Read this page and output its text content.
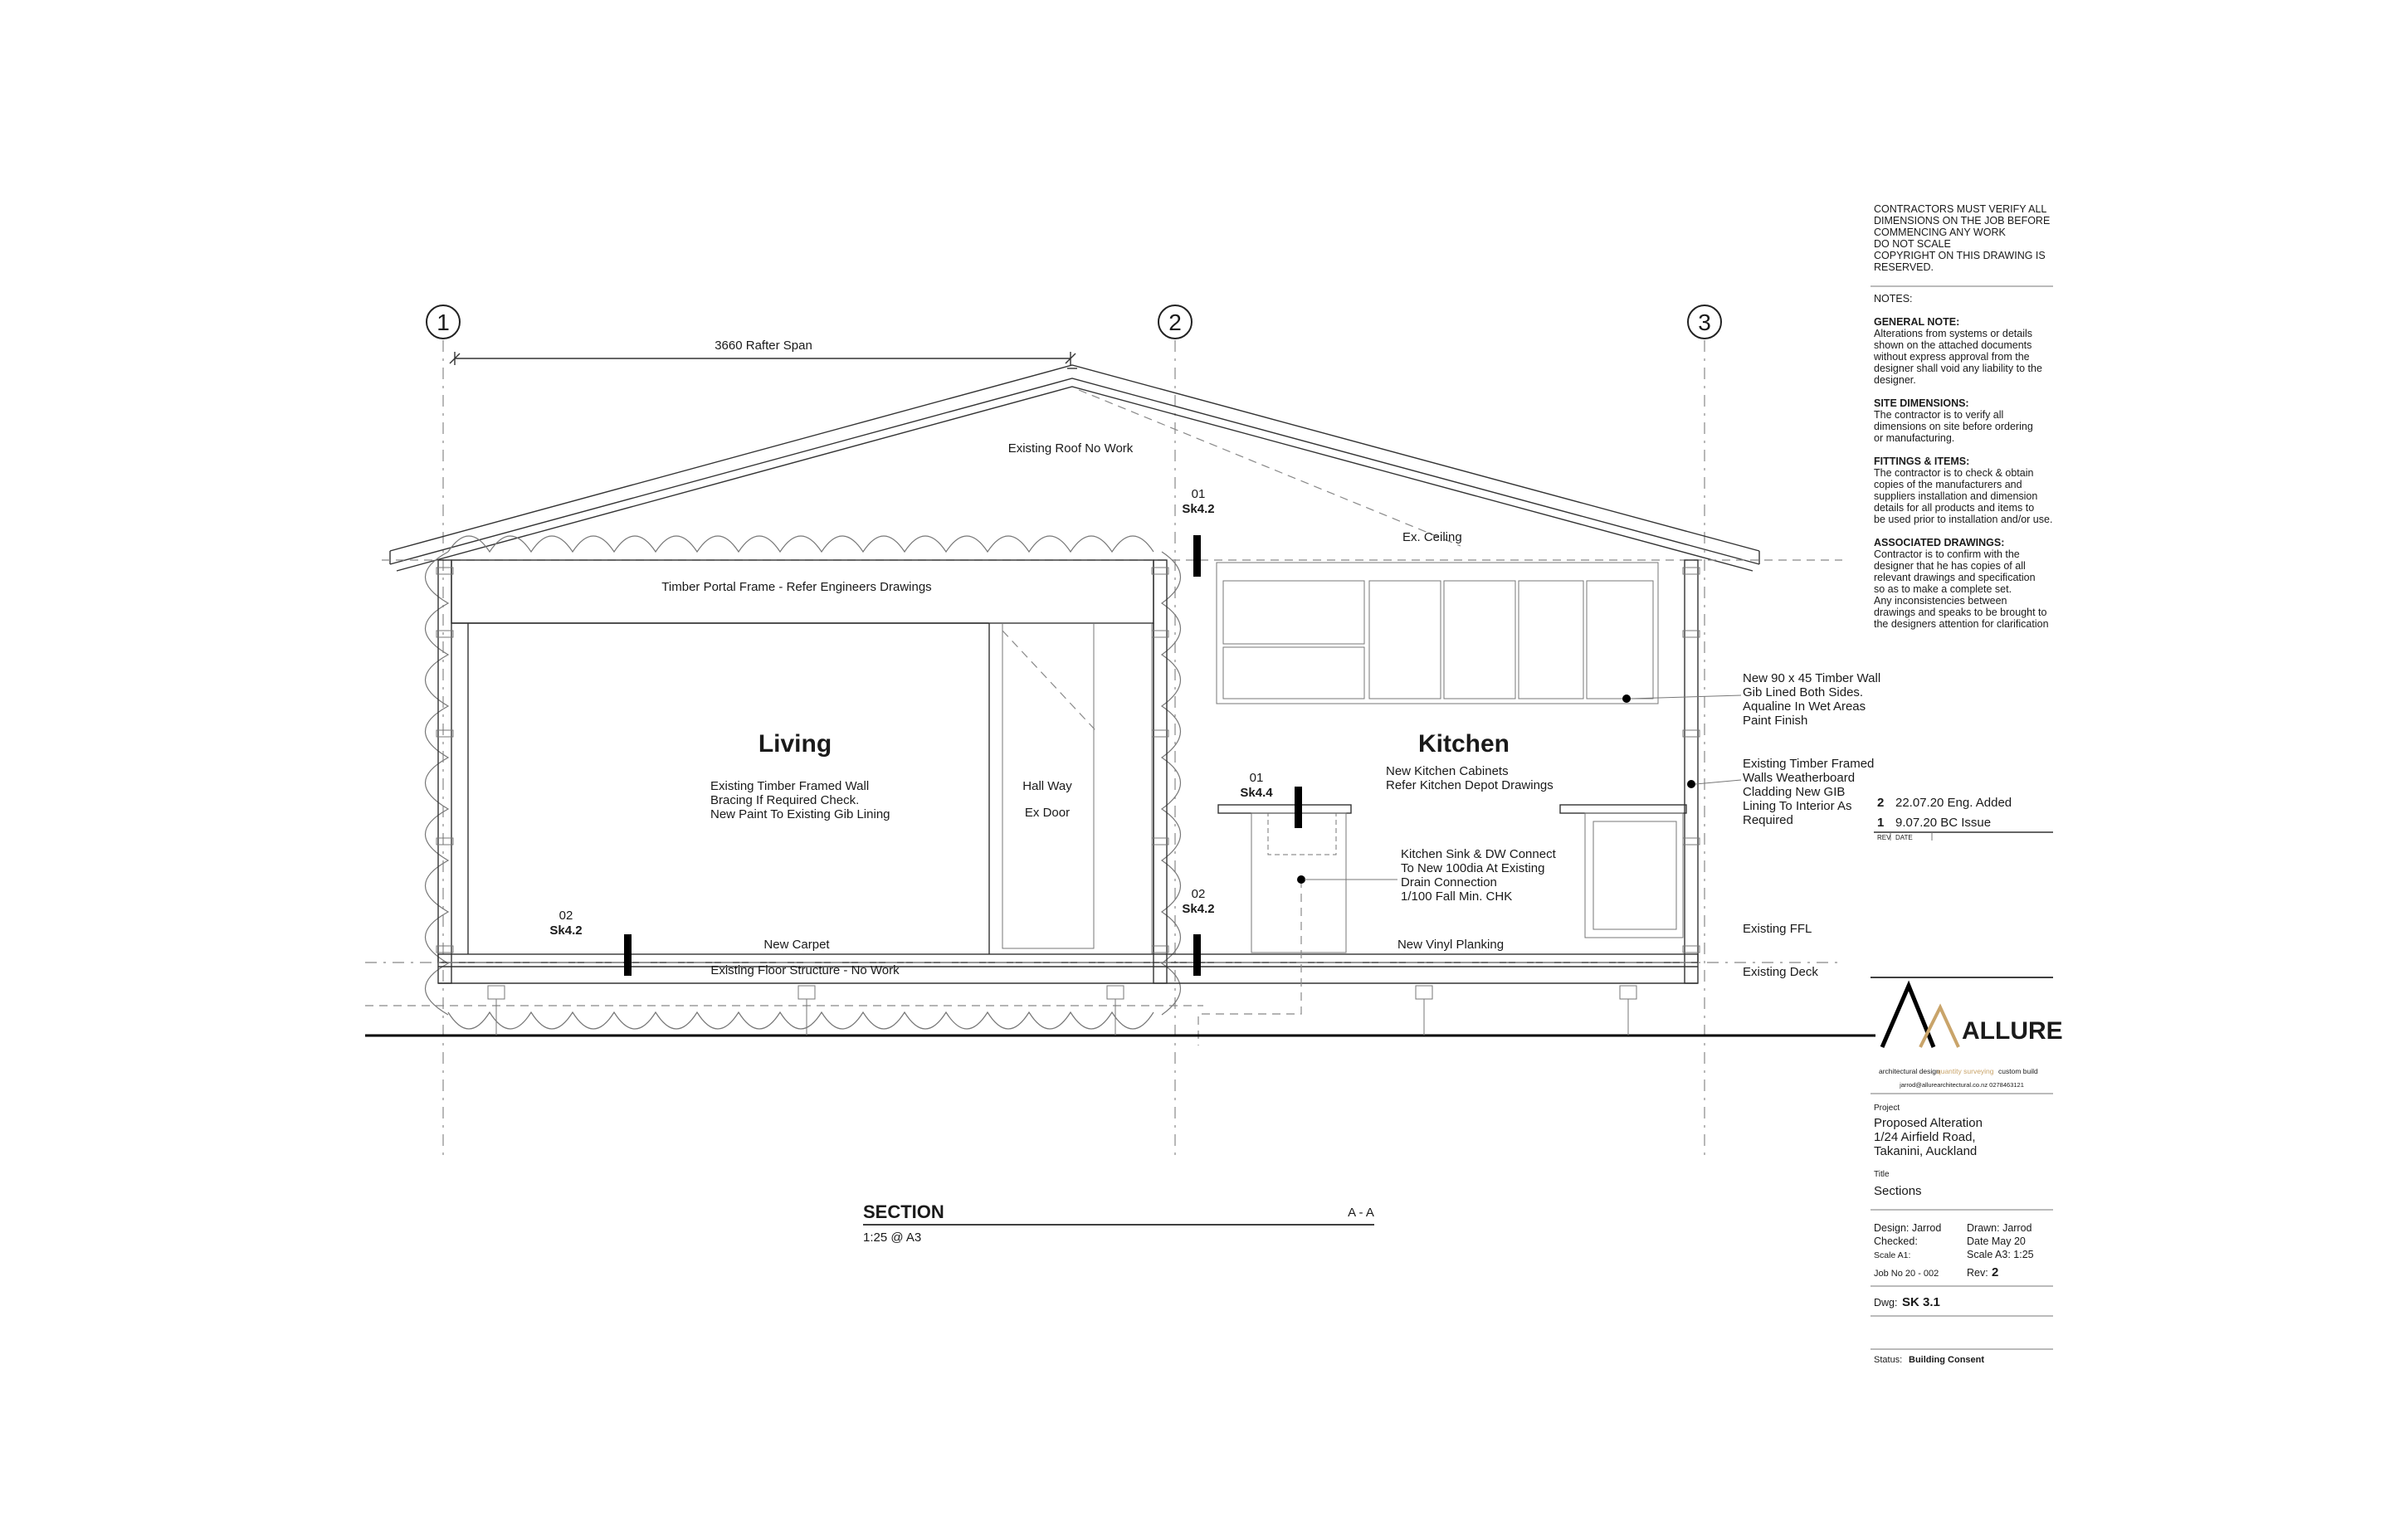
1	2	3
3660 Rafter Span
Existing Roof No Work
Ex. Ceiling
01
Sk4.2
01
Sk4.4
02
Sk4.2
02
Sk4.2
Timber Portal Frame - Refer Engineers Drawings
Living
Existing Timber Framed Wall
Bracing If Required Check.
New Paint To Existing Gib Lining
Hall Way
Ex Door
Kitchen
New Kitchen Cabinets
Refer Kitchen Depot Drawings
Kitchen Sink & DW Connect
To New 100dia At Existing
Drain Connection
1/100 Fall Min. CHK
New Carpet	New Vinyl Planking
Existing Floor Structure - No Work
New 90 x 45 Timber Wall
Gib Lined Both Sides.
Aqualine In Wet Areas
Paint Finish
Existing Timber Framed
Walls Weatherboard
Cladding New GIB
Lining To Interior As
Required
Existing FFL
Existing Deck
SECTION	A - A
1:25 @ A3
CONTRACTORS MUST VERIFY ALL
DIMENSIONS ON THE JOB BEFORE
COMMENCING ANY WORK
DO NOT SCALE
COPYRIGHT ON THIS DRAWING IS
RESERVED.
NOTES:
GENERAL NOTE:
Alterations from systems or details
shown on the attached documents
without express approval from the
designer shall void any liability to the
designer.
SITE DIMENSIONS:
The contractor is to verify all
dimensions on site before ordering
or manufacturing.
FITTINGS & ITEMS:
The contractor is to check & obtain
copies of the manufacturers and
suppliers installation and dimension
details for all products and items to
be used prior to installation and/or use.
ASSOCIATED DRAWINGS:
Contractor is to confirm with the
designer that he has copies of all
relevant drawings and specification
so as to make a complete set.
Any inconsistencies between
drawings and speaks to be brought to
the designers attention for clarification
2 22.07.20 Eng. Added
1 9.07.20 BC Issue
REV DATE
ALLURE
architectural design
quantity surveying custom build
jarrod@allurearchitectural.co.nz 0278463121
Project
Proposed Alteration
1/24 Airfield Road,
Takanini, Auckland
Title
Sections
Design: Jarrod Drawn: Jarrod
Checked:	Date May 20
Scale A1:	Scale A3: 1:25
Job No 20 - 002	Rev: 2
Dwg: SK 3.1
Status: Building Consent
